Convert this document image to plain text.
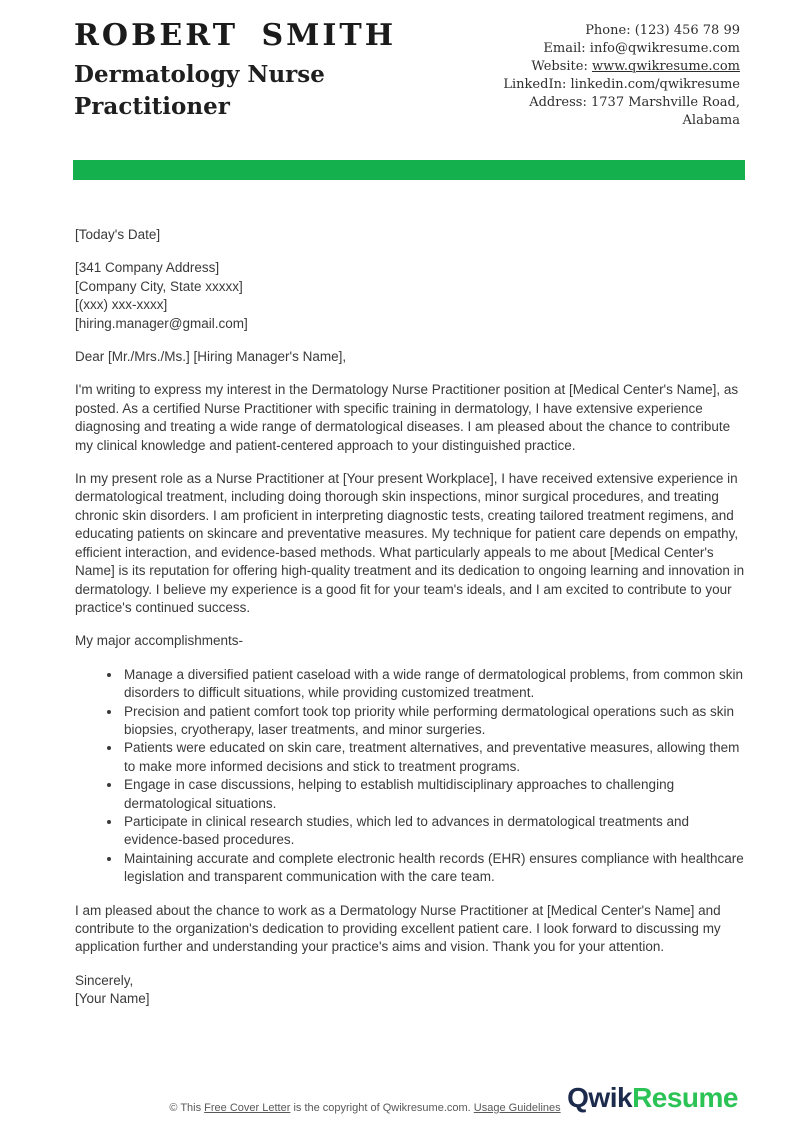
ROBERT SMITH
Dermatology Nurse Practitioner
Phone: (123) 456 78 99
Email: info@qwikresume.com
Website: www.qwikresume.com
LinkedIn: linkedin.com/qwikresume
Address: 1737 Marshville Road,
Alabama

[Today's Date]

[341 Company Address]
[Company City, State xxxxx]
[(xxx) xxx-xxxx]
[hiring.manager@gmail.com]

Dear [Mr./Mrs./Ms.] [Hiring Manager's Name],

I'm writing to express my interest in the Dermatology Nurse Practitioner position at [Medical Center's Name], as posted. As a certified Nurse Practitioner with specific training in dermatology, I have extensive experience diagnosing and treating a wide range of dermatological diseases. I am pleased about the chance to contribute my clinical knowledge and patient-centered approach to your distinguished practice.

In my present role as a Nurse Practitioner at [Your present Workplace], I have received extensive experience in dermatological treatment, including doing thorough skin inspections, minor surgical procedures, and treating chronic skin disorders. I am proficient in interpreting diagnostic tests, creating tailored treatment regimens, and educating patients on skincare and preventative measures. My technique for patient care depends on empathy, efficient interaction, and evidence-based methods. What particularly appeals to me about [Medical Center's Name] is its reputation for offering high-quality treatment and its dedication to ongoing learning and innovation in dermatology. I believe my experience is a good fit for your team's ideals, and I am excited to contribute to your practice's continued success.

My major accomplishments-

• Manage a diversified patient caseload with a wide range of dermatological problems, from common skin disorders to difficult situations, while providing customized treatment.
• Precision and patient comfort took top priority while performing dermatological operations such as skin biopsies, cryotherapy, laser treatments, and minor surgeries.
• Patients were educated on skin care, treatment alternatives, and preventative measures, allowing them to make more informed decisions and stick to treatment programs.
• Engage in case discussions, helping to establish multidisciplinary approaches to challenging dermatological situations.
• Participate in clinical research studies, which led to advances in dermatological treatments and evidence-based procedures.
• Maintaining accurate and complete electronic health records (EHR) ensures compliance with healthcare legislation and transparent communication with the care team.

I am pleased about the chance to work as a Dermatology Nurse Practitioner at [Medical Center's Name] and contribute to the organization's dedication to providing excellent patient care. I look forward to discussing my application further and understanding your practice's aims and vision. Thank you for your attention.

Sincerely,

[Your Name]

© This Free Cover Letter is the copyright of Qwikresume.com. Usage Guidelines QwikResume
